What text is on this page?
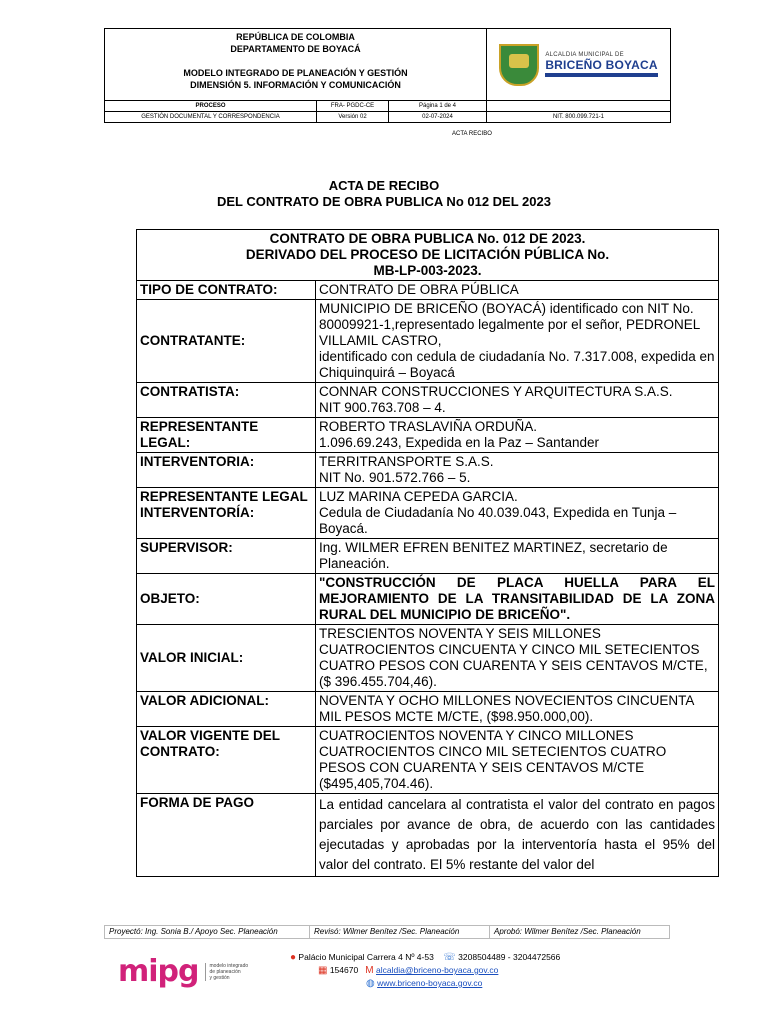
REPÚBLICA DE COLOMBIA
DEPARTAMENTO DE BOYACÁ
MODELO INTEGRADO DE PLANEACIÓN Y GESTIÓN
DIMENSIÓN 5. INFORMACIÓN Y COMUNICACIÓN
ALCALDIA MUNICIPAL DE
BRICEÑO BOYACA
PROCESO	FRA- PGDC-CE	Página 1 de 4
GESTIÓN DOCUMENTAL Y CORRESPONDENCIA	Versión 02	02-07-2024	NIT. 800.099.721-1
ACTA RECIBO
ACTA DE RECIBO
DEL CONTRATO DE OBRA PUBLICA No 012 DEL 2023
CONTRATO DE OBRA PUBLICA No. 012 DE 2023.
DERIVADO DEL PROCESO DE LICITACIÓN PÚBLICA No.
MB-LP-003-2023.	

TIPO DE CONTRATO:	CONTRATO DE OBRA PÚBLICA
CONTRATANTE:	MUNICIPIO DE BRICEÑO (BOYACÁ) identificado con NIT No. 80009921-1,representado legalmente por el señor, PEDRONEL VILLAMIL CASTRO,
identificado con cedula de ciudadanía No. 7.317.008, expedida en Chiquinquirá – Boyacá

CONTRATISTA:	CONNAR CONSTRUCCIONES Y ARQUITECTURA S.A.S.
NIT 900.763.708 – 4.

REPRESENTANTE LEGAL:	ROBERTO TRASLAVIÑA ORDUÑA.
1.096.69.243, Expedida en la Paz – Santander

INTERVENTORIA:	TERRITRANSPORTE S.A.S.
NIT No. 901.572.766 – 5.

REPRESENTANTE LEGAL INTERVENTORÍA:	LUZ MARINA CEPEDA GARCIA.
Cedula de Ciudadanía No 40.039.043, Expedida en Tunja – Boyacá.

SUPERVISOR:	Ing. WILMER EFREN BENITEZ MARTINEZ, secretario de Planeación.
OBJETO:	"CONSTRUCCIÓN DE PLACA HUELLA PARA EL MEJORAMIENTO DE LA TRANSITABILIDAD DE LA ZONA RURAL DEL MUNICIPIO DE BRICEÑO".
VALOR INICIAL:	TRESCIENTOS NOVENTA Y SEIS MILLONES CUATROCIENTOS CINCUENTA Y CINCO MIL SETECIENTOS CUATRO PESOS CON CUARENTA Y SEIS CENTAVOS M/CTE, ($ 396.455.704,46).
VALOR ADICIONAL:	NOVENTA Y OCHO MILLONES NOVECIENTOS CINCUENTA MIL PESOS MCTE M/CTE, ($98.950.000,00).
VALOR VIGENTE DEL CONTRATO:	CUATROCIENTOS NOVENTA Y CINCO MILLONES CUATROCIENTOS CINCO MIL SETECIENTOS CUATRO PESOS CON CUARENTA Y SEIS CENTAVOS M/CTE ($495,405,704.46).
FORMA DE PAGO	La entidad cancelara al contratista el valor del contrato en pagos parciales por avance de obra, de acuerdo con las cantidades ejecutadas y aprobadas por la interventoría hasta el 95% del valor del contrato. El 5% restante del valor del
Proyectó: Ing. Sonia B./ Apoyo Sec. Planeación	Revisó: Wilmer Benítez /Sec. Planeación	Aprobó: Wilmer Benítez /Sec. Planeación
mipg modelo integrado
de planeación
y gestión
● Palácio Municipal Carrera 4 Nº 4-53 ☏ 3208504489 - 3204472566
▦ 154670 M alcaldia@briceno-boyaca.gov.co
◍ www.briceno-boyaca.gov.co
